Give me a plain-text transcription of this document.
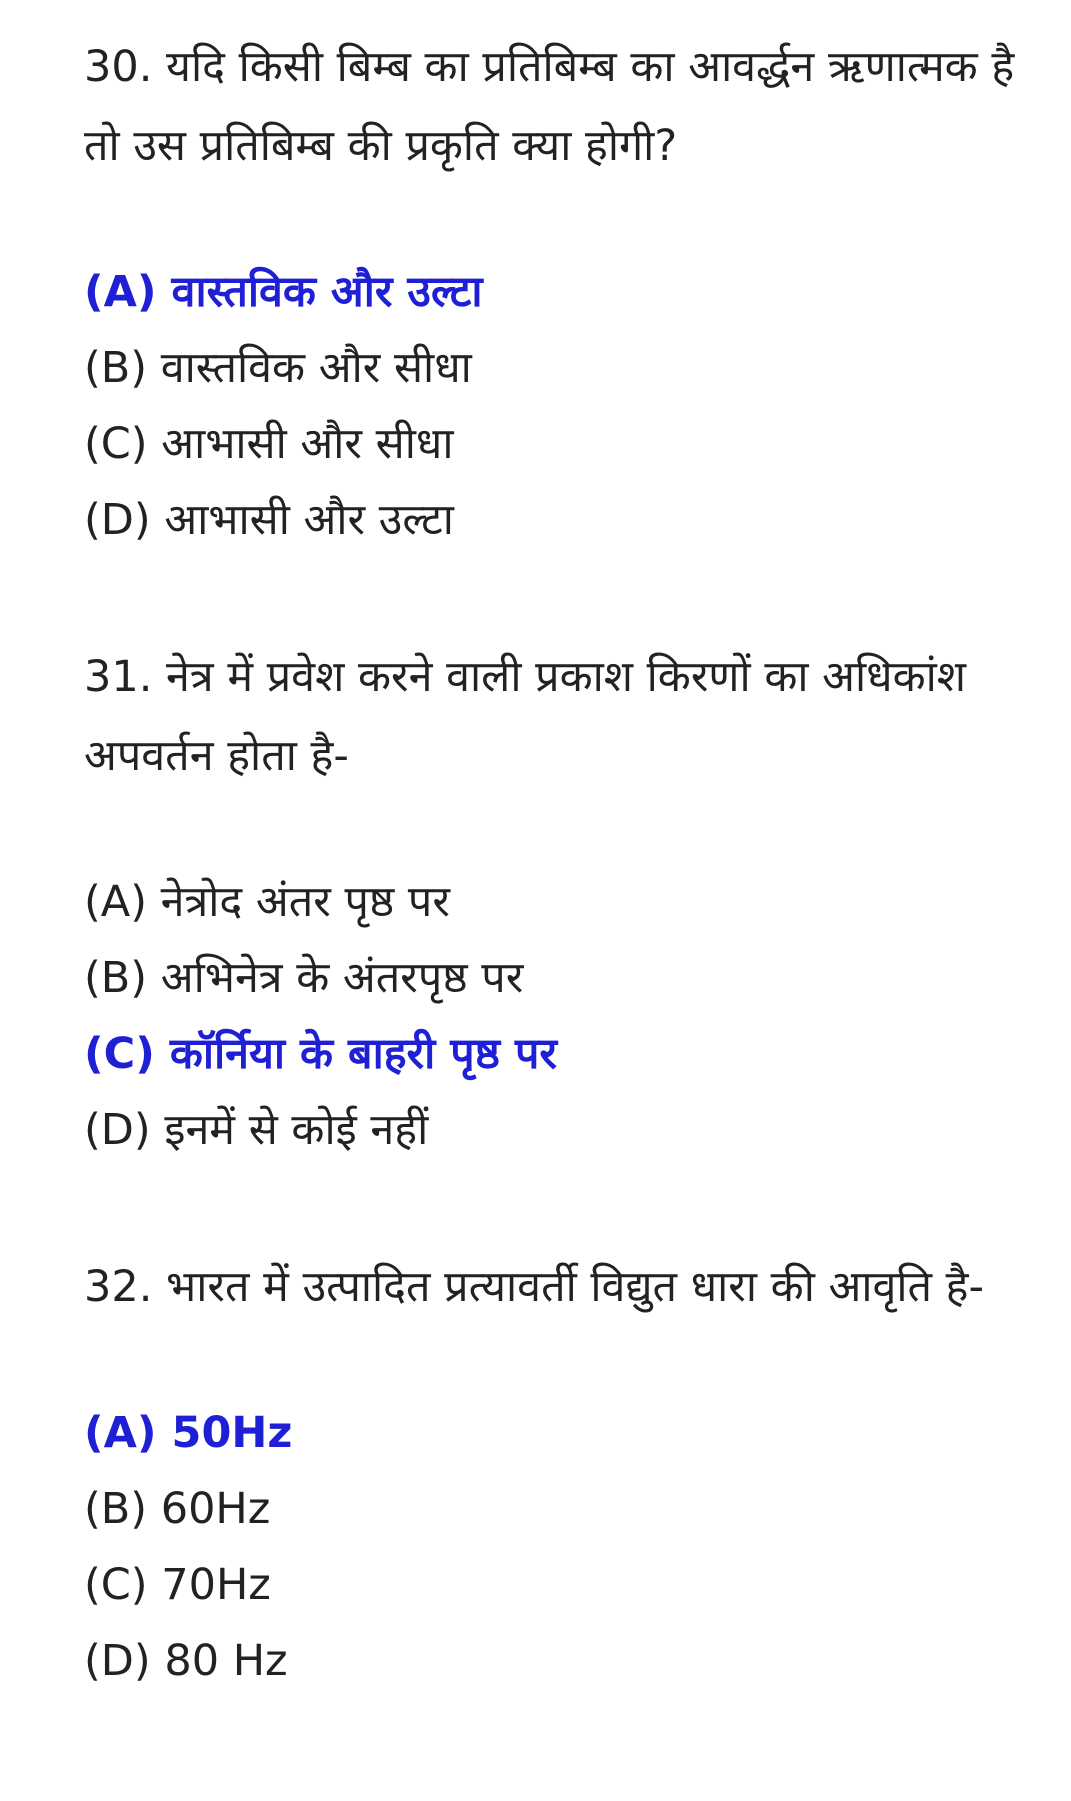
30. यदि किसी बिम्ब का प्रतिबिम्ब का आवर्द्धन ऋणात्मक है तो उस प्रतिबिम्ब की प्रकृति क्या होगी?

(A) वास्तविक और उल्टा

(B) वास्तविक और सीधा

(C) आभासी और सीधा

(D) आभासी और उल्टा

31. नेत्र में प्रवेश करने वाली प्रकाश किरणों का अधिकांश अपवर्तन होता है-

(A) नेत्रोद अंतर पृष्ठ पर

(B) अभिनेत्र के अंतरपृष्ठ पर

(C) कॉर्निया के बाहरी पृष्ठ पर

(D) इनमें से कोई नहीं

32. भारत में उत्पादित प्रत्यावर्ती विद्युत धारा की आवृति है-

(A) 50Hz

(B) 60Hz

(C) 70Hz

(D) 80 Hz
